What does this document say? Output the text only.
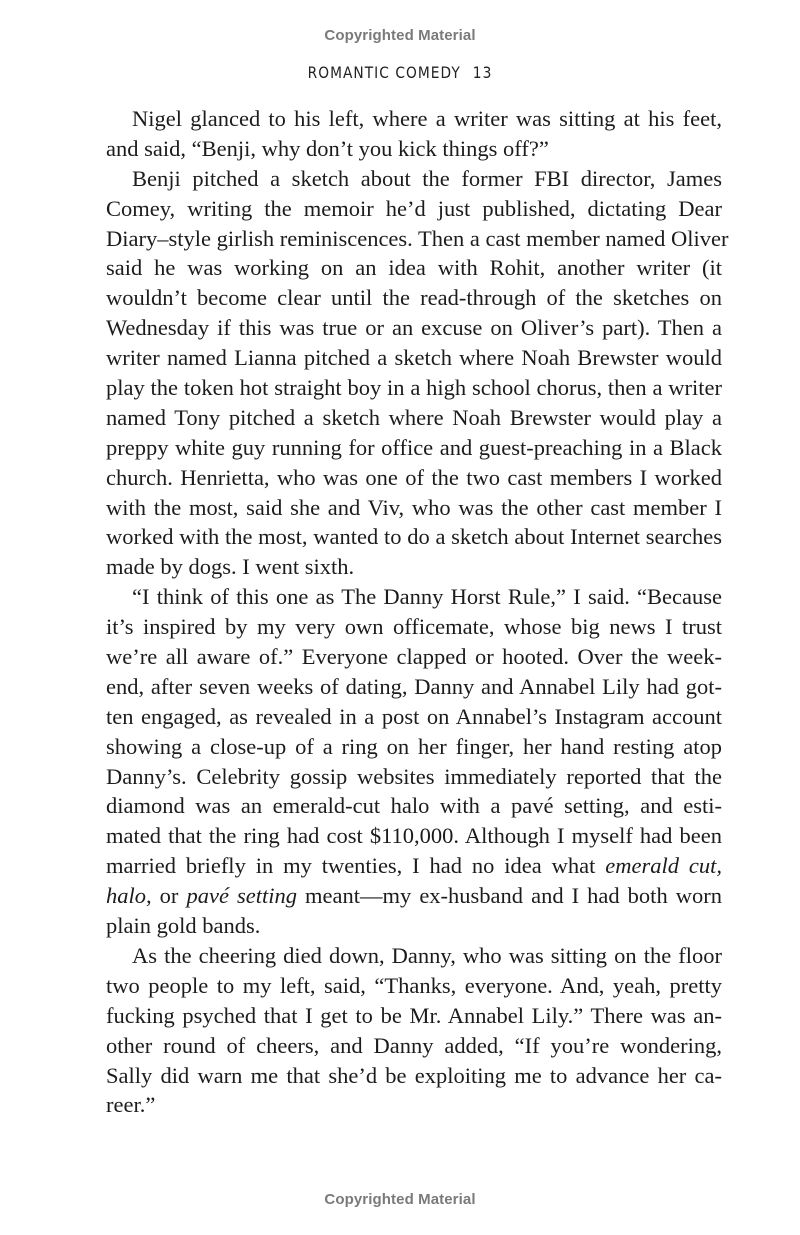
Copyrighted Material
ROMANTIC COMEDY 13
Nigel glanced to his left, where a writer was sitting at his feet,
and said, “Benji, why don’t you kick things off?”
Benji pitched a sketch about the former FBI director, James
Comey, writing the memoir he’d just published, dictating Dear
Diary–style girlish reminiscences. Then a cast member named Oliver
said he was working on an idea with Rohit, another writer (it
wouldn’t become clear until the read-through of the sketches on
Wednesday if this was true or an excuse on Oliver’s part). Then a
writer named Lianna pitched a sketch where Noah Brewster would
play the token hot straight boy in a high school chorus, then a writer
named Tony pitched a sketch where Noah Brewster would play a
preppy white guy running for office and guest-preaching in a Black
church. Henrietta, who was one of the two cast members I worked
with the most, said she and Viv, who was the other cast member I
worked with the most, wanted to do a sketch about Internet searches
made by dogs. I went sixth.
“I think of this one as The Danny Horst Rule,” I said. “Because
it’s inspired by my very own officemate, whose big news I trust
we’re all aware of.” Everyone clapped or hooted. Over the week-
end, after seven weeks of dating, Danny and Annabel Lily had got-
ten engaged, as revealed in a post on Annabel’s Instagram account
showing a close-up of a ring on her finger, her hand resting atop
Danny’s. Celebrity gossip websites immediately reported that the
diamond was an emerald-cut halo with a pavé setting, and esti-
mated that the ring had cost $110,000. Although I myself had been
married briefly in my twenties, I had no idea what emerald cut,
halo, or pavé setting meant—my ex-husband and I had both worn
plain gold bands.
As the cheering died down, Danny, who was sitting on the floor
two people to my left, said, “Thanks, everyone. And, yeah, pretty
fucking psyched that I get to be Mr. Annabel Lily.” There was an-
other round of cheers, and Danny added, “If you’re wondering,
Sally did warn me that she’d be exploiting me to advance her ca-
reer.”
Copyrighted Material
